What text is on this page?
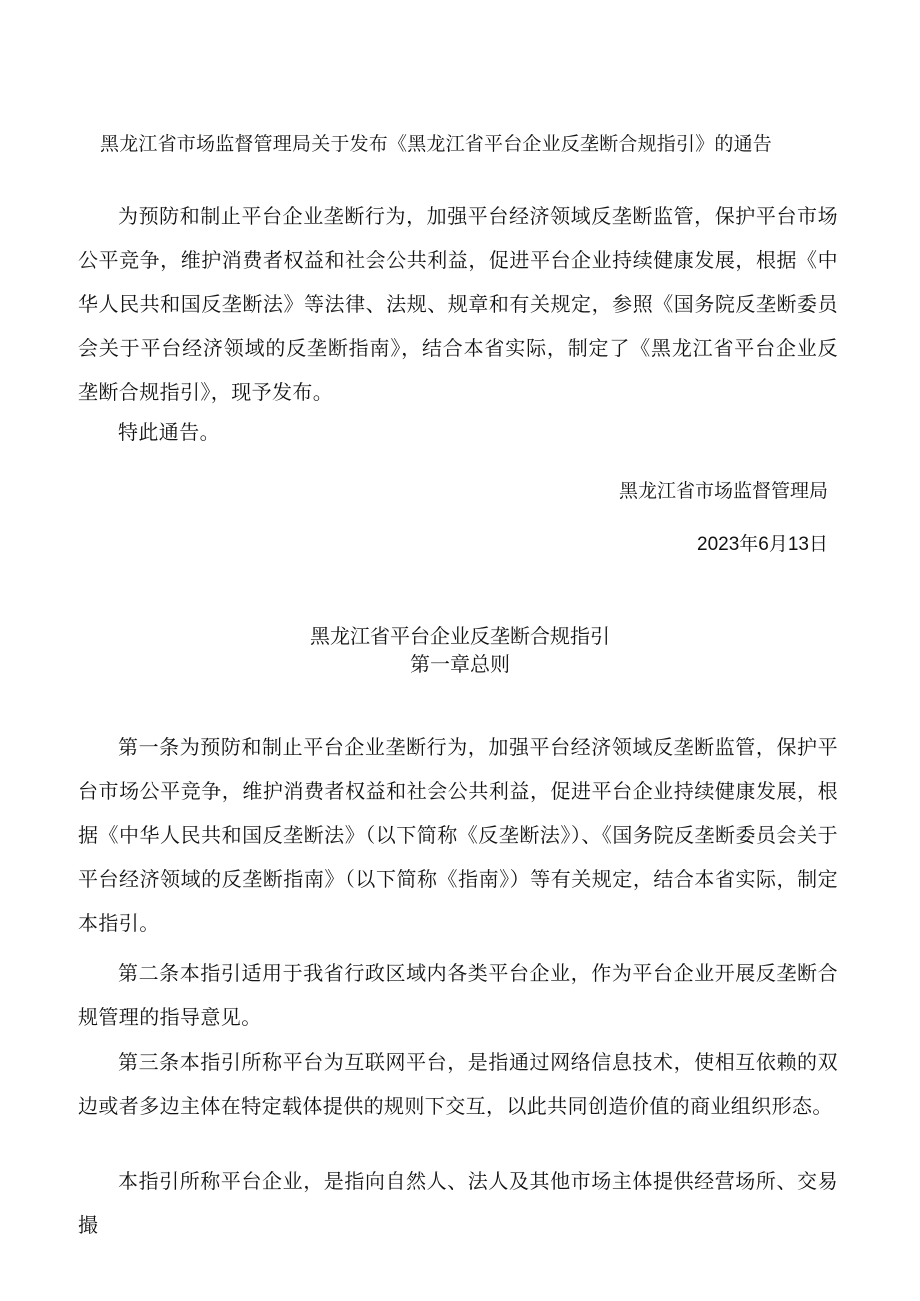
黑龙江省市场监督管理局关于发布《黑龙江省平台企业反垄断合规指引》的通告

为预防和制止平台企业垄断行为，加强平台经济领域反垄断监管，保护平台市场公平竞争，维护消费者权益和社会公共利益，促进平台企业持续健康发展，根据《中华人民共和国反垄断法》等法律、法规、规章和有关规定，参照《国务院反垄断委员会关于平台经济领域的反垄断指南》，结合本省实际，制定了《黑龙江省平台企业反垄断合规指引》，现予发布。

特此通告。

黑龙江省市场监督管理局
2023年6月13日
黑龙江省平台企业反垄断合规指引
第一章总则

第一条为预防和制止平台企业垄断行为，加强平台经济领域反垄断监管，保护平台市场公平竞争，维护消费者权益和社会公共利益，促进平台企业持续健康发展，根据《中华人民共和国反垄断法》（以下简称《反垄断法》）、《国务院反垄断委员会关于平台经济领域的反垄断指南》（以下简称《指南》）等有关规定，结合本省实际，制定本指引。

第二条本指引适用于我省行政区域内各类平台企业，作为平台企业开展反垄断合规管理的指导意见。

第三条本指引所称平台为互联网平台，是指通过网络信息技术，使相互依赖的双边或者多边主体在特定载体提供的规则下交互，以此共同创造价值的商业组织形态。

本指引所称平台企业，是指向自然人、法人及其他市场主体提供经营场所、交易撮
